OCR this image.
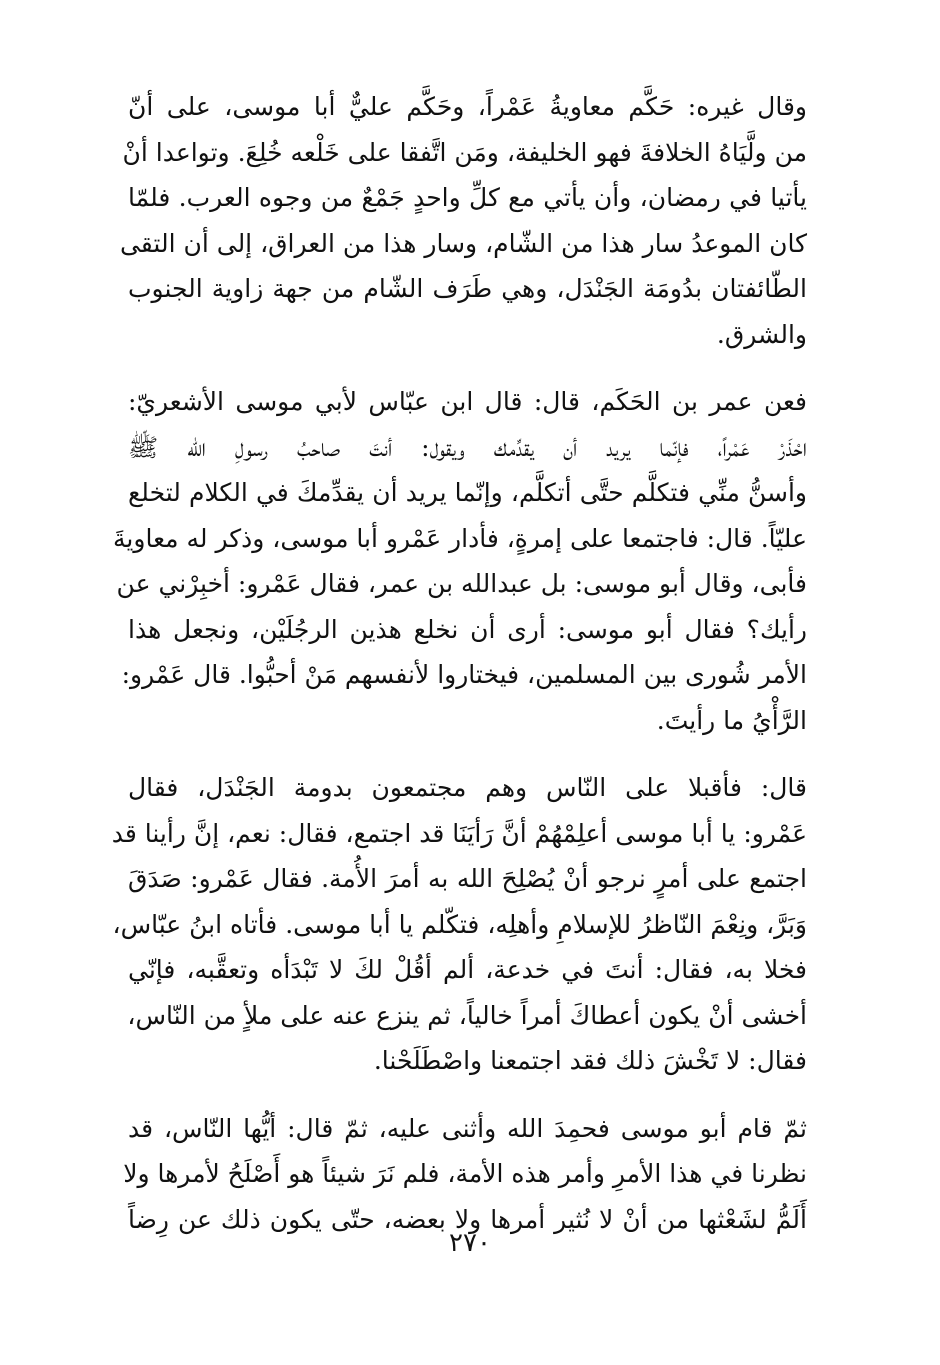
وقال غيره: حَكَّم معاويةُ عَمْراً، وحَكَّم عليٌّ أبا موسى، على أنّ
من ولَّيَاهُ الخلافةَ فهو الخليفة، ومَن اتَّفقا على خَلْعه خُلِعَ. وتواعدا أنْ
يأتيا في رمضان، وأن يأتي مع كلِّ واحدٍ جَمْعٌ من وجوه العرب. فلمّا
كان الموعدُ سار هذا من الشّام، وسار هذا من العراق، إلى أن التقى
الطّائفتان بدُومَة الجَنْدَل، وهي طَرَف الشّام من جهة زاوية الجنوب
والشرق.

فعن عمر بن الحَكَم، قال: قال ابن عبّاس لأبي موسى الأشعريّ:
احْذَرْ عَمْراً، فإنّما يريد أن يقدِّمك ويقول: أنتَ صاحبُ رسولِ الله ﷺ
وأسنُّ منِّي فتكلَّم حتَّى أتكلَّم، وإنّما يريد أن يقدِّمكَ في الكلام لتخلع
عليّاً. قال: فاجتمعا على إمرةٍ، فأدار عَمْرو أبا موسى، وذكر له معاويةَ
فأبى، وقال أبو موسى: بل عبدالله بن عمر، فقال عَمْرو: أخبِرْني عن
رأيك؟ فقال أبو موسى: أرى أن نخلع هذين الرجُلَيْن، ونجعل هذا
الأمر شُورى بين المسلمين، فيختاروا لأنفسهم مَنْ أحبُّوا. قال عَمْرو:
الرَّأْيُ ما رأيتَ.

قال: فأقبلا على النّاس وهم مجتمعون بدومة الجَنْدَل، فقال
عَمْرو: يا أبا موسى أعلِمْهُمْ أنَّ رَأيَنَا قد اجتمع، فقال: نعم، إنَّ رأينا قد
اجتمع على أمرٍ نرجو أنْ يُصْلِحَ الله به أمرَ الأُمة. فقال عَمْرو: صَدَقَ
وَبَرَّ، ونِعْمَ النّاظرُ للإسلامِ وأهلِه، فتكّلم يا أبا موسى. فأتاه ابنُ عبّاس،
فخلا به، فقال: أنتَ في خدعة، ألم أقُلْ لكَ لا تَبْدَأه وتعقَّبه، فإنّي
أخشى أنْ يكون أعطاكَ أمراً خالياً، ثم ينزع عنه على ملأٍ من النّاس،
فقال: لا تَخْشَ ذلك فقد اجتمعنا واصْطَلَحْنا.

ثمّ قام أبو موسى فحمِدَ الله وأثنى عليه، ثمّ قال: أيُّها النّاس، قد
نظرنا في هذا الأمرِ وأمر هذه الأمة، فلم نَرَ شيئاً هو أَصْلَحُ لأمرها ولا
أَلَمُّ لشَعْثها من أنْ لا نُثير أمرها ولا بعضه، حتّى يكون ذلك عن رِضاً

٢٧٠
